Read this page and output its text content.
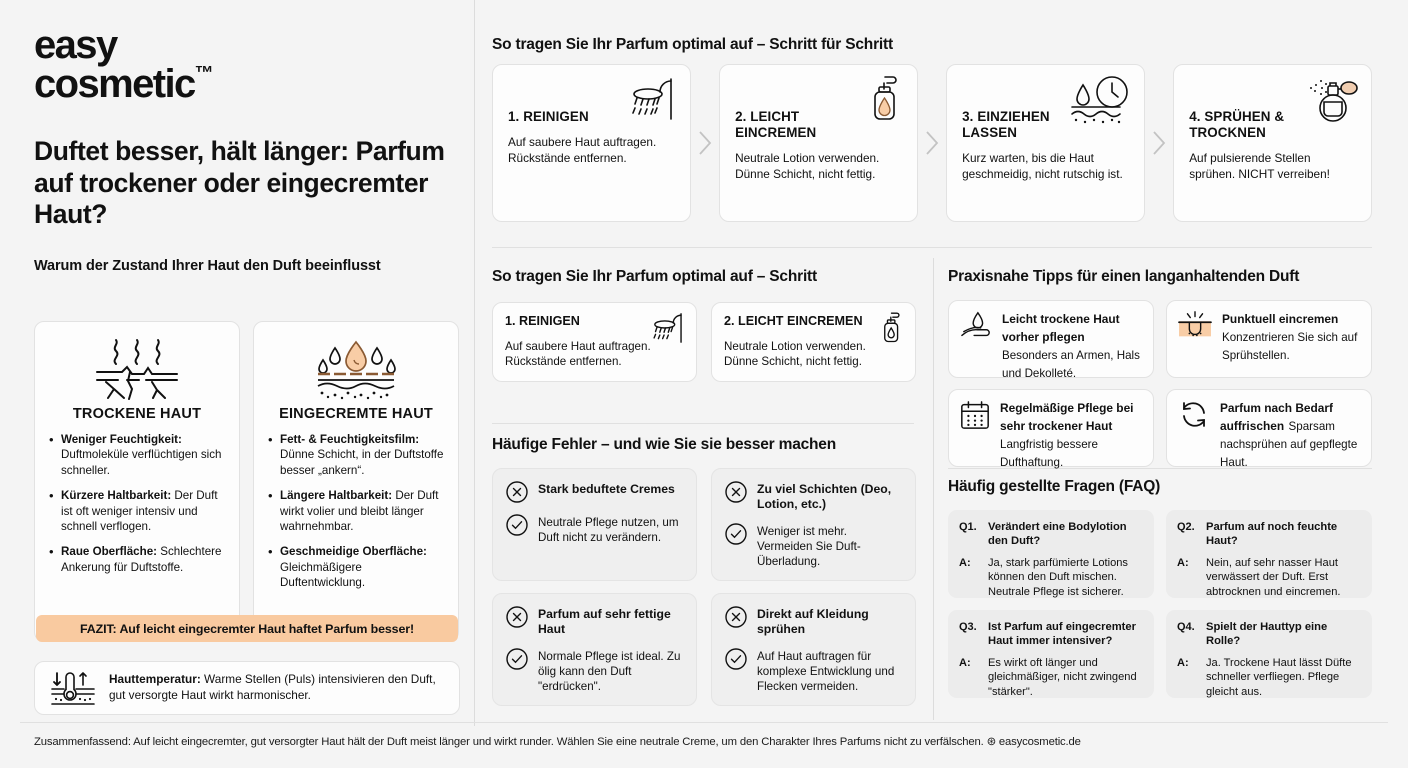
easy
cosmetic™
Duftet besser, hält länger: Parfum auf trockener oder eingecremter Haut?
Warum der Zustand Ihrer Haut den Duft beeinflusst
TROCKENE HAUT
• Weniger Feuchtigkeit: Duftmoleküle verflüchtigen sich schneller.
• Kürzere Haltbarkeit: Der Duft ist oft weniger intensiv und schnell verflogen.
• Raue Oberfläche: Schlechtere Ankerung für Duftstoffe.
EINGECREMTE HAUT
• Fett- & Feuchtigkeitsfilm: Dünne Schicht, in der Duftstoffe besser „ankern“.
• Längere Haltbarkeit: Der Duft wirkt volier und bleibt länger wahrnehmbar.
• Geschmeidige Oberfläche: Gleichmäßigere Duftentwicklung.
FAZIT: Auf leicht eingecremter Haut haftet Parfum besser!
Hauttemperatur: Warme Stellen (Puls) intensivieren den Duft, gut versorgte Haut wirkt harmonischer.
So tragen Sie Ihr Parfum optimal auf – Schritt für Schritt
1. REINIGEN
Auf saubere Haut auftragen. Rückstände entfernen.
2. LEICHT EINCREMEN
Neutrale Lotion verwenden. Dünne Schicht, nicht fettig.
3. EINZIEHEN LASSEN
Kurz warten, bis die Haut geschmeidig, nicht rutschig ist.
4. SPRÜHEN & TROCKNEN
Auf pulsierende Stellen sprühen. NICHT verreiben!
So tragen Sie Ihr Parfum optimal auf – Schritt
1. REINIGEN
Auf saubere Haut auftragen. Rückstände entfernen.
2. LEICHT EINCREMEN
Neutrale Lotion verwenden. Dünne Schicht, nicht fettig.
Häufige Fehler – und wie Sie sie besser machen
Stark beduftete Cremes
Neutrale Pflege nutzen, um Duft nicht zu verändern.
Zu viel Schichten (Deo, Lotion, etc.)
Weniger ist mehr. Vermeiden Sie Duft-Überladung.
Parfum auf sehr fettige Haut
Normale Pflege ist ideal. Zu ölig kann den Duft "erdrücken".
Direkt auf Kleidung sprühen
Auf Haut auftragen für komplexe Entwicklung und Flecken vermeiden.
Praxisnahe Tipps für einen langanhaltenden Duft
Leicht trockene Haut vorher pflegen Besonders an Armen, Hals und Dekolleté.
Punktuell eincremen Konzentrieren Sie sich auf Sprühstellen.
Regelmäßige Pflege bei sehr trockener Haut Langfristig bessere Dufthaftung.
Parfum nach Bedarf auffrischen Sparsam nachsprühen auf gepflegte Haut.
Häufig gestellte Fragen (FAQ)
Q1. Verändert eine Bodylotion den Duft?
A:	Ja, stark parfümierte Lotions können den Duft mischen. Neutrale Pflege ist sicherer.
Q2. Parfum auf noch feuchte Haut?
A:	Nein, auf sehr nasser Haut verwässert der Duft. Erst abtrocknen und eincremen.
Q3. Ist Parfum auf eingecremter Haut immer intensiver?
A:	Es wirkt oft länger und gleichmäßiger, nicht zwingend "stärker".
Q4. Spielt der Hauttyp eine Rolle?
A:	Ja. Trockene Haut lässt Düfte schneller verfliegen. Pflege gleicht aus.
Zusammenfassend: Auf leicht eingecremter, gut versorgter Haut hält der Duft meist länger und wirkt runder. Wählen Sie eine neutrale Creme, um den Charakter Ihres Parfums nicht zu verfälschen. ⊛ easycosmetic.de
